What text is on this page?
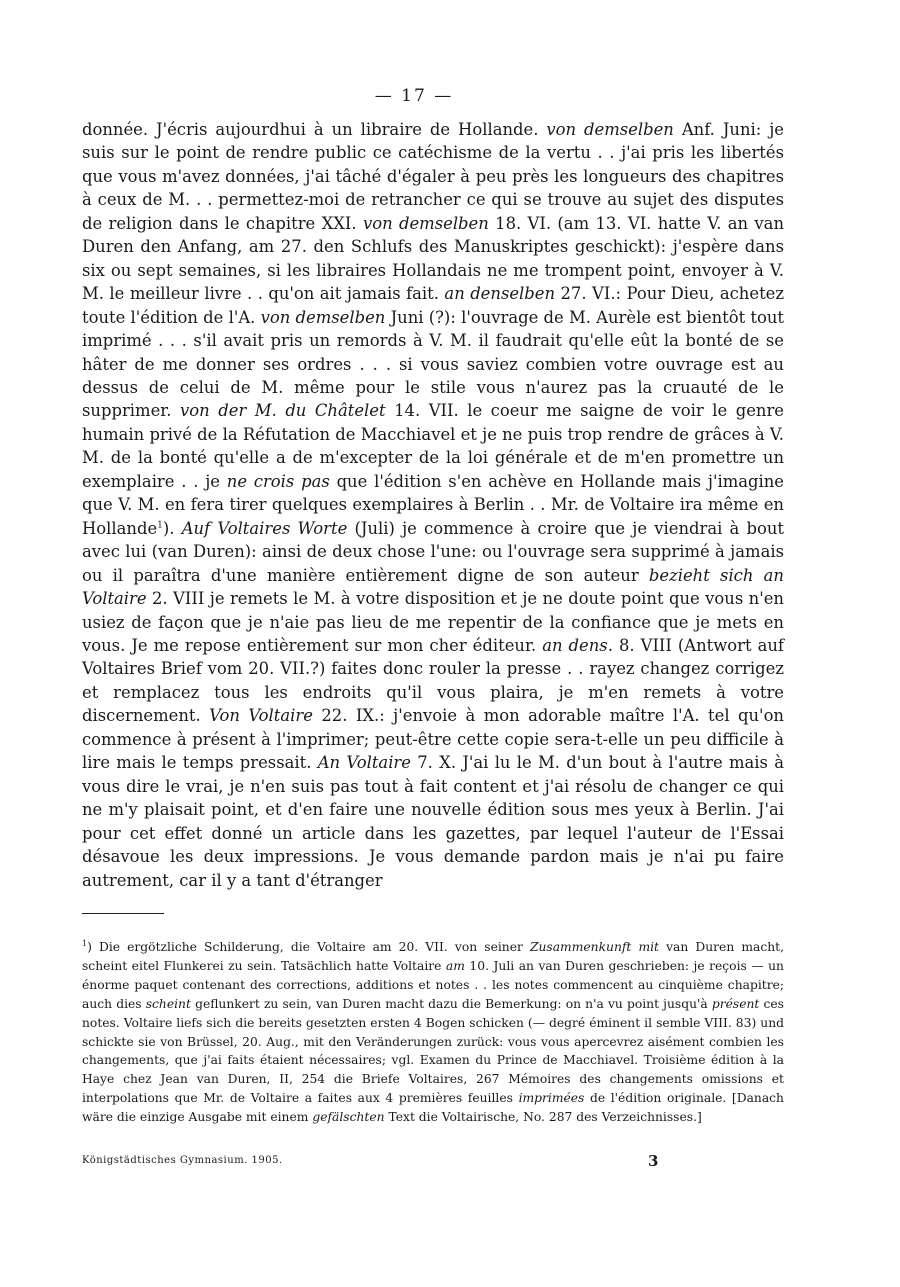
— 17 —

donnée. J'écris aujourdhui à un libraire de Hollande. von demselben Anf. Juni: je suis sur le point de rendre public ce catéchisme de la vertu . . j'ai pris les libertés que vous m'avez données, j'ai tâché d'égaler à peu près les longueurs des chapitres à ceux de M. . . permettez-moi de retrancher ce qui se trouve au sujet des disputes de religion dans le chapitre XXI. von demselben 18. VI. (am 13. VI. hatte V. an van Duren den Anfang, am 27. den Schlufs des Manuskriptes geschickt): j'espère dans six ou sept semaines, si les libraires Hollandais ne me trompent point, envoyer à V. M. le meilleur livre . . qu'on ait jamais fait. an denselben 27. VI.: Pour Dieu, achetez toute l'édition de l'A. von demselben Juni (?): l'ouvrage de M. Aurèle est bientôt tout imprimé . . . s'il avait pris un remords à V. M. il faudrait qu'elle eût la bonté de se hâter de me donner ses ordres . . . si vous saviez combien votre ouvrage est au dessus de celui de M. même pour le stile vous n'aurez pas la cruauté de le supprimer. von der M. du Châtelet 14. VII. le coeur me saigne de voir le genre humain privé de la Réfutation de Macchiavel et je ne puis trop rendre de grâces à V. M. de la bonté qu'elle a de m'excepter de la loi générale et de m'en promettre un exemplaire . . je ne crois pas que l'édition s'en achève en Hollande mais j'imagine que V. M. en fera tirer quelques exemplaires à Berlin . . Mr. de Voltaire ira même en Hollande$^1$). Auf Voltaires Worte (Juli) je commence à croire que je viendrai à bout avec lui (van Duren): ainsi de deux chose l'une: ou l'ouvrage sera supprimé à jamais ou il paraîtra d'une manière entièrement digne de son auteur bezieht sich an Voltaire 2. VIII je remets le M. à votre disposition et je ne doute point que vous n'en usiez de façon que je n'aie pas lieu de me repentir de la confiance que je mets en vous. Je me repose entièrement sur mon cher éditeur. an dens. 8. VIII (Antwort auf Voltaires Brief vom 20. VII.?) faites donc rouler la presse . . rayez changez corrigez et remplacez tous les endroits qu'il vous plaira, je m'en remets à votre discernement. Von Voltaire 22. IX.: j'envoie à mon adorable maître l'A. tel qu'on commence à présent à l'imprimer; peut-être cette copie sera-t-elle un peu difficile à lire mais le temps pressait. An Voltaire 7. X. J'ai lu le M. d'un bout à l'autre mais à vous dire le vrai, je n'en suis pas tout à fait content et j'ai résolu de changer ce qui ne m'y plaisait point, et d'en faire une nouvelle édition sous mes yeux à Berlin. J'ai pour cet effet donné un article dans les gazettes, par lequel l'auteur de l'Essai désavoue les deux impressions. Je vous demande pardon mais je n'ai pu faire autrement, car il y a tant d'étranger

$^1$) Die ergötzliche Schilderung, die Voltaire am 20. VII. von seiner Zusammenkunft mit van Duren macht, scheint eitel Flunkerei zu sein. Tatsächlich hatte Voltaire am 10. Juli an van Duren geschrieben: je reçois — un énorme paquet contenant des corrections, additions et notes . . les notes commencent au cinquième chapitre; auch dies scheint geflunkert zu sein, van Duren macht dazu die Bemerkung: on n'a vu point jusqu'à présent ces notes. Voltaire liefs sich die bereits gesetzten ersten 4 Bogen schicken (— degré éminent il semble VIII. 83) und schickte sie von Brüssel, 20. Aug., mit den Veränderungen zurück: vous vous apercevrez aisément combien les changements, que j'ai faits étaient nécessaires; vgl. Examen du Prince de Macchiavel. Troisième édition à la Haye chez Jean van Duren, II, 254 die Briefe Voltaires, 267 Mémoires des changements omissions et interpolations que Mr. de Voltaire a faites aux 4 premières feuilles imprimées de l'édition originale. [Danach wäre die einzige Ausgabe mit einem gefälschten Text die Voltairische, No. 287 des Verzeichnisses.]
Königstädtisches Gymnasium. 1905.	3
